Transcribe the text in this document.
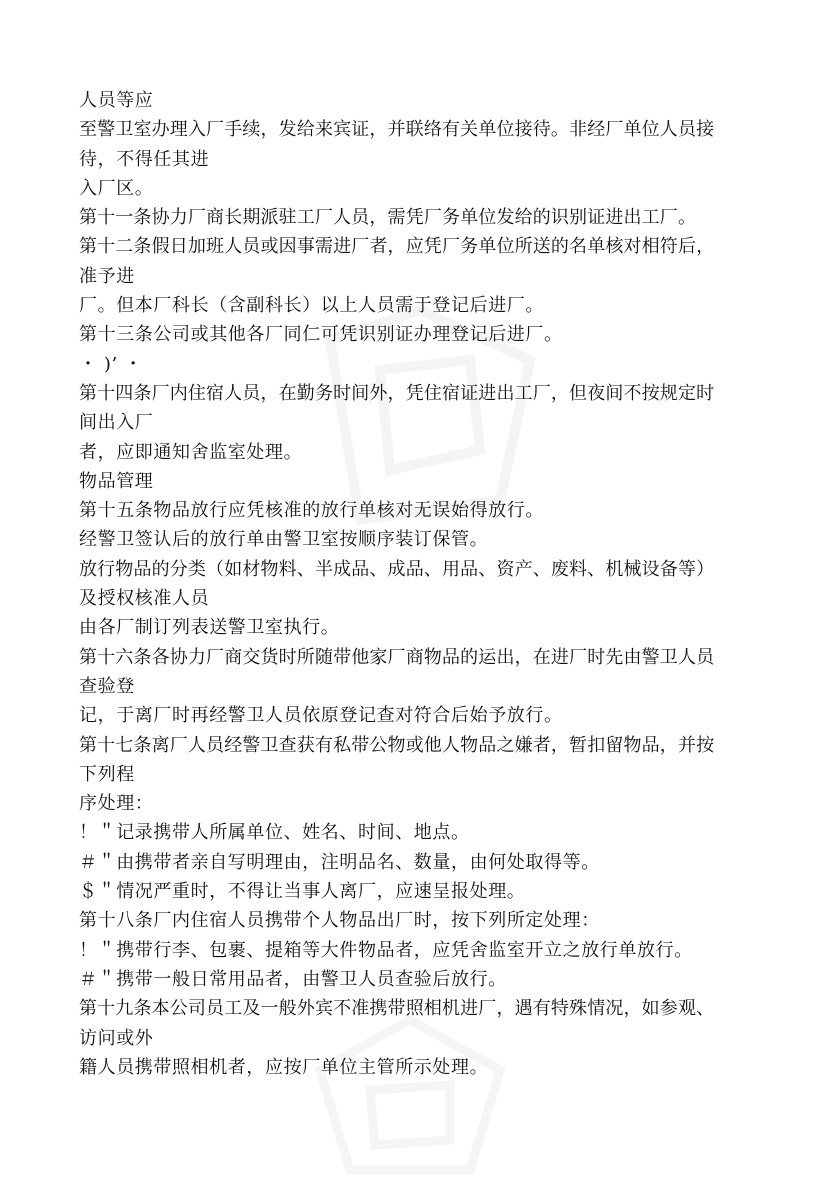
人员等应
至警卫室办理入厂手续，发给来宾证，并联络有关单位接待。非经厂单位人员接
待，不得任其进
入厂区。
第十一条协力厂商长期派驻工厂人员，需凭厂务单位发给的识别证进出工厂。
第十二条假日加班人员或因事需进厂者，应凭厂务单位所送的名单核对相符后，
准予进
厂。但本厂科长（含副科长）以上人员需于登记后进厂。
第十三条公司或其他各厂同仁可凭识别证办理登记后进厂。
・ )’ ・
第十四条厂内住宿人员，在勤务时间外，凭住宿证进出工厂，但夜间不按规定时
间出入厂
者，应即通知舍监室处理。
物品管理
第十五条物品放行应凭核准的放行单核对无误始得放行。
经警卫签认后的放行单由警卫室按顺序装订保管。
放行物品的分类（如材物料、半成品、成品、用品、资产、废料、机械设备等）
及授权核准人员
由各厂制订列表送警卫室执行。
第十六条各协力厂商交货时所随带他家厂商物品的运出，在进厂时先由警卫人员
查验登
记，于离厂时再经警卫人员依原登记查对符合后始予放行。
第十七条离厂人员经警卫查获有私带公物或他人物品之嫌者，暂扣留物品，并按
下列程
序处理：
！＂记录携带人所属单位、姓名、时间、地点。
＃＂由携带者亲自写明理由，注明品名、数量，由何处取得等。
＄＂情况严重时，不得让当事人离厂，应速呈报处理。
第十八条厂内住宿人员携带个人物品出厂时，按下列所定处理：
！＂携带行李、包裹、提箱等大件物品者，应凭舍监室开立之放行单放行。
＃＂携带一般日常用品者，由警卫人员查验后放行。
第十九条本公司员工及一般外宾不准携带照相机进厂，遇有特殊情况，如参观、
访问或外
籍人员携带照相机者，应按厂单位主管所示处理。
